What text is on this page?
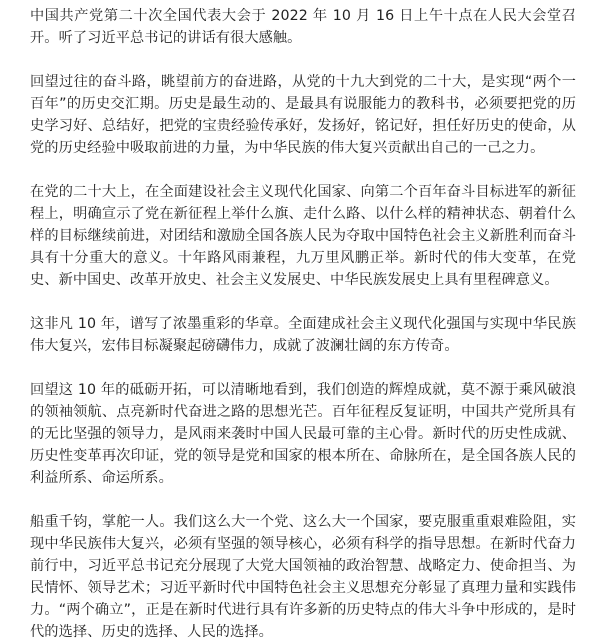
中国共产党第二十次全国代表大会于 2022 年 10 月 16 日上午十点在人民大会堂召开。听了习近平总书记的讲话有很大感触。

回望过往的奋斗路，眺望前方的奋进路，从党的十九大到党的二十大，是实现“两个一百年”的历史交汇期。历史是最生动的、是最具有说服能力的教科书，必须要把党的历史学习好、总结好，把党的宝贵经验传承好，发扬好，铭记好，担任好历史的使命，从党的历史经验中吸取前进的力量，为中华民族的伟大复兴贡献出自己的一己之力。

在党的二十大上，在全面建设社会主义现代化国家、向第二个百年奋斗目标进军的新征程上，明确宣示了党在新征程上举什么旗、走什么路、以什么样的精神状态、朝着什么样的目标继续前进，对团结和激励全国各族人民为夺取中国特色社会主义新胜利而奋斗具有十分重大的意义。十年路风雨兼程，九万里风鹏正举。新时代的伟大变革，在党史、新中国史、改革开放史、社会主义发展史、中华民族发展史上具有里程碑意义。

这非凡 10 年，谱写了浓墨重彩的华章。全面建成社会主义现代化强国与实现中华民族伟大复兴，宏伟目标凝聚起磅礴伟力，成就了波澜壮阔的东方传奇。

回望这 10 年的砥砺开拓，可以清晰地看到，我们创造的辉煌成就，莫不源于乘风破浪的领袖领航、点亮新时代奋进之路的思想光芒。百年征程反复证明，中国共产党所具有的无比坚强的领导力，是风雨来袭时中国人民最可靠的主心骨。新时代的历史性成就、历史性变革再次印证，党的领导是党和国家的根本所在、命脉所在，是全国各族人民的利益所系、命运所系。

船重千钧，掌舵一人。我们这么大一个党、这么大一个国家，要克服重重艰难险阻，实现中华民族伟大复兴，必须有坚强的领导核心，必须有科学的指导思想。在新时代奋力前行中，习近平总书记充分展现了大党大国领袖的政治智慧、战略定力、使命担当、为民情怀、领导艺术；习近平新时代中国特色社会主义思想充分彰显了真理力量和实践伟力。“两个确立”，正是在新时代进行具有许多新的历史特点的伟大斗争中形成的，是时代的选择、历史的选择、人民的选择。
